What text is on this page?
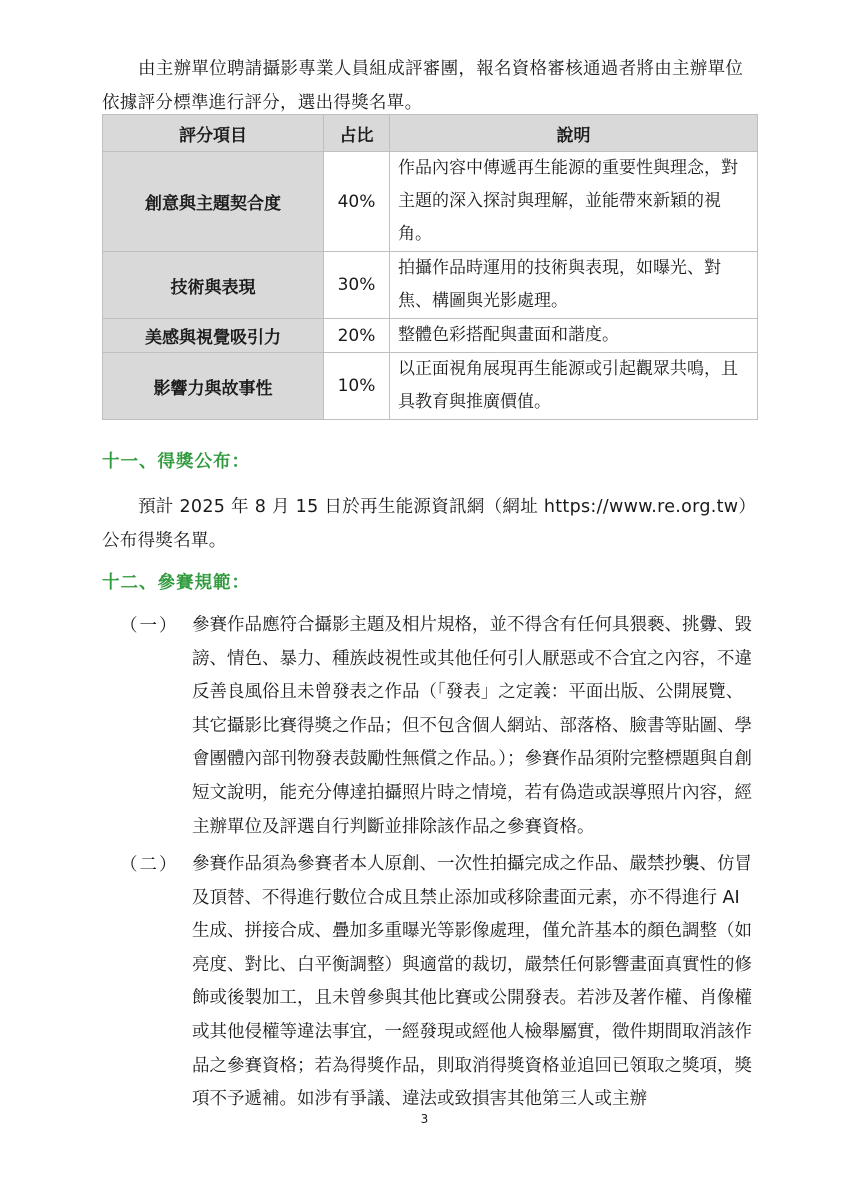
由主辦單位聘請攝影專業人員組成評審團，報名資格審核通過者將由主辦單位依據評分標準進行評分，選出得獎名單。

評分項目	占比	說明
創意與主題契合度	40%	作品內容中傳遞再生能源的重要性與理念，對主題的深入探討與理解，並能帶來新穎的視角。
技術與表現	30%	拍攝作品時運用的技術與表現，如曝光、對焦、構圖與光影處理。
美感與視覺吸引力	20%	整體色彩搭配與畫面和諧度。
影響力與故事性	10%	以正面視角展現再生能源或引起觀眾共鳴，且具教育與推廣價值。
十一、得獎公布：

預計 2025 年 8 月 15 日於再生能源資訊網（網址 https://www.re.org.tw）公布得獎名單。

十二、參賽規範：
（一） 參賽作品應符合攝影主題及相片規格，並不得含有任何具猥褻、挑釁、毀謗、情色、暴力、種族歧視性或其他任何引人厭惡或不合宜之內容，不違反善良風俗且未曾發表之作品（「發表」之定義：平面出版、公開展覽、其它攝影比賽得獎之作品；但不包含個人網站、部落格、臉書等貼圖、學會團體內部刊物發表鼓勵性無償之作品。）；參賽作品須附完整標題與自創短文說明，能充分傳達拍攝照片時之情境，若有偽造或誤導照片內容，經主辦單位及評選自行判斷並排除該作品之參賽資格。

（二） 參賽作品須為參賽者本人原創、一次性拍攝完成之作品、嚴禁抄襲、仿冒及頂替、不得進行數位合成且禁止添加或移除畫面元素，亦不得進行 AI 生成、拼接合成、疊加多重曝光等影像處理，僅允許基本的顏色調整（如亮度、對比、白平衡調整）與適當的裁切，嚴禁任何影響畫面真實性的修飾或後製加工，且未曾參與其他比賽或公開發表。若涉及著作權、肖像權或其他侵權等違法事宜，一經發現或經他人檢舉屬實，徵件期間取消該作品之參賽資格；若為得獎作品，則取消得獎資格並追回已領取之獎項，獎項不予遞補。如涉有爭議、違法或致損害其他第三人或主辦

3
